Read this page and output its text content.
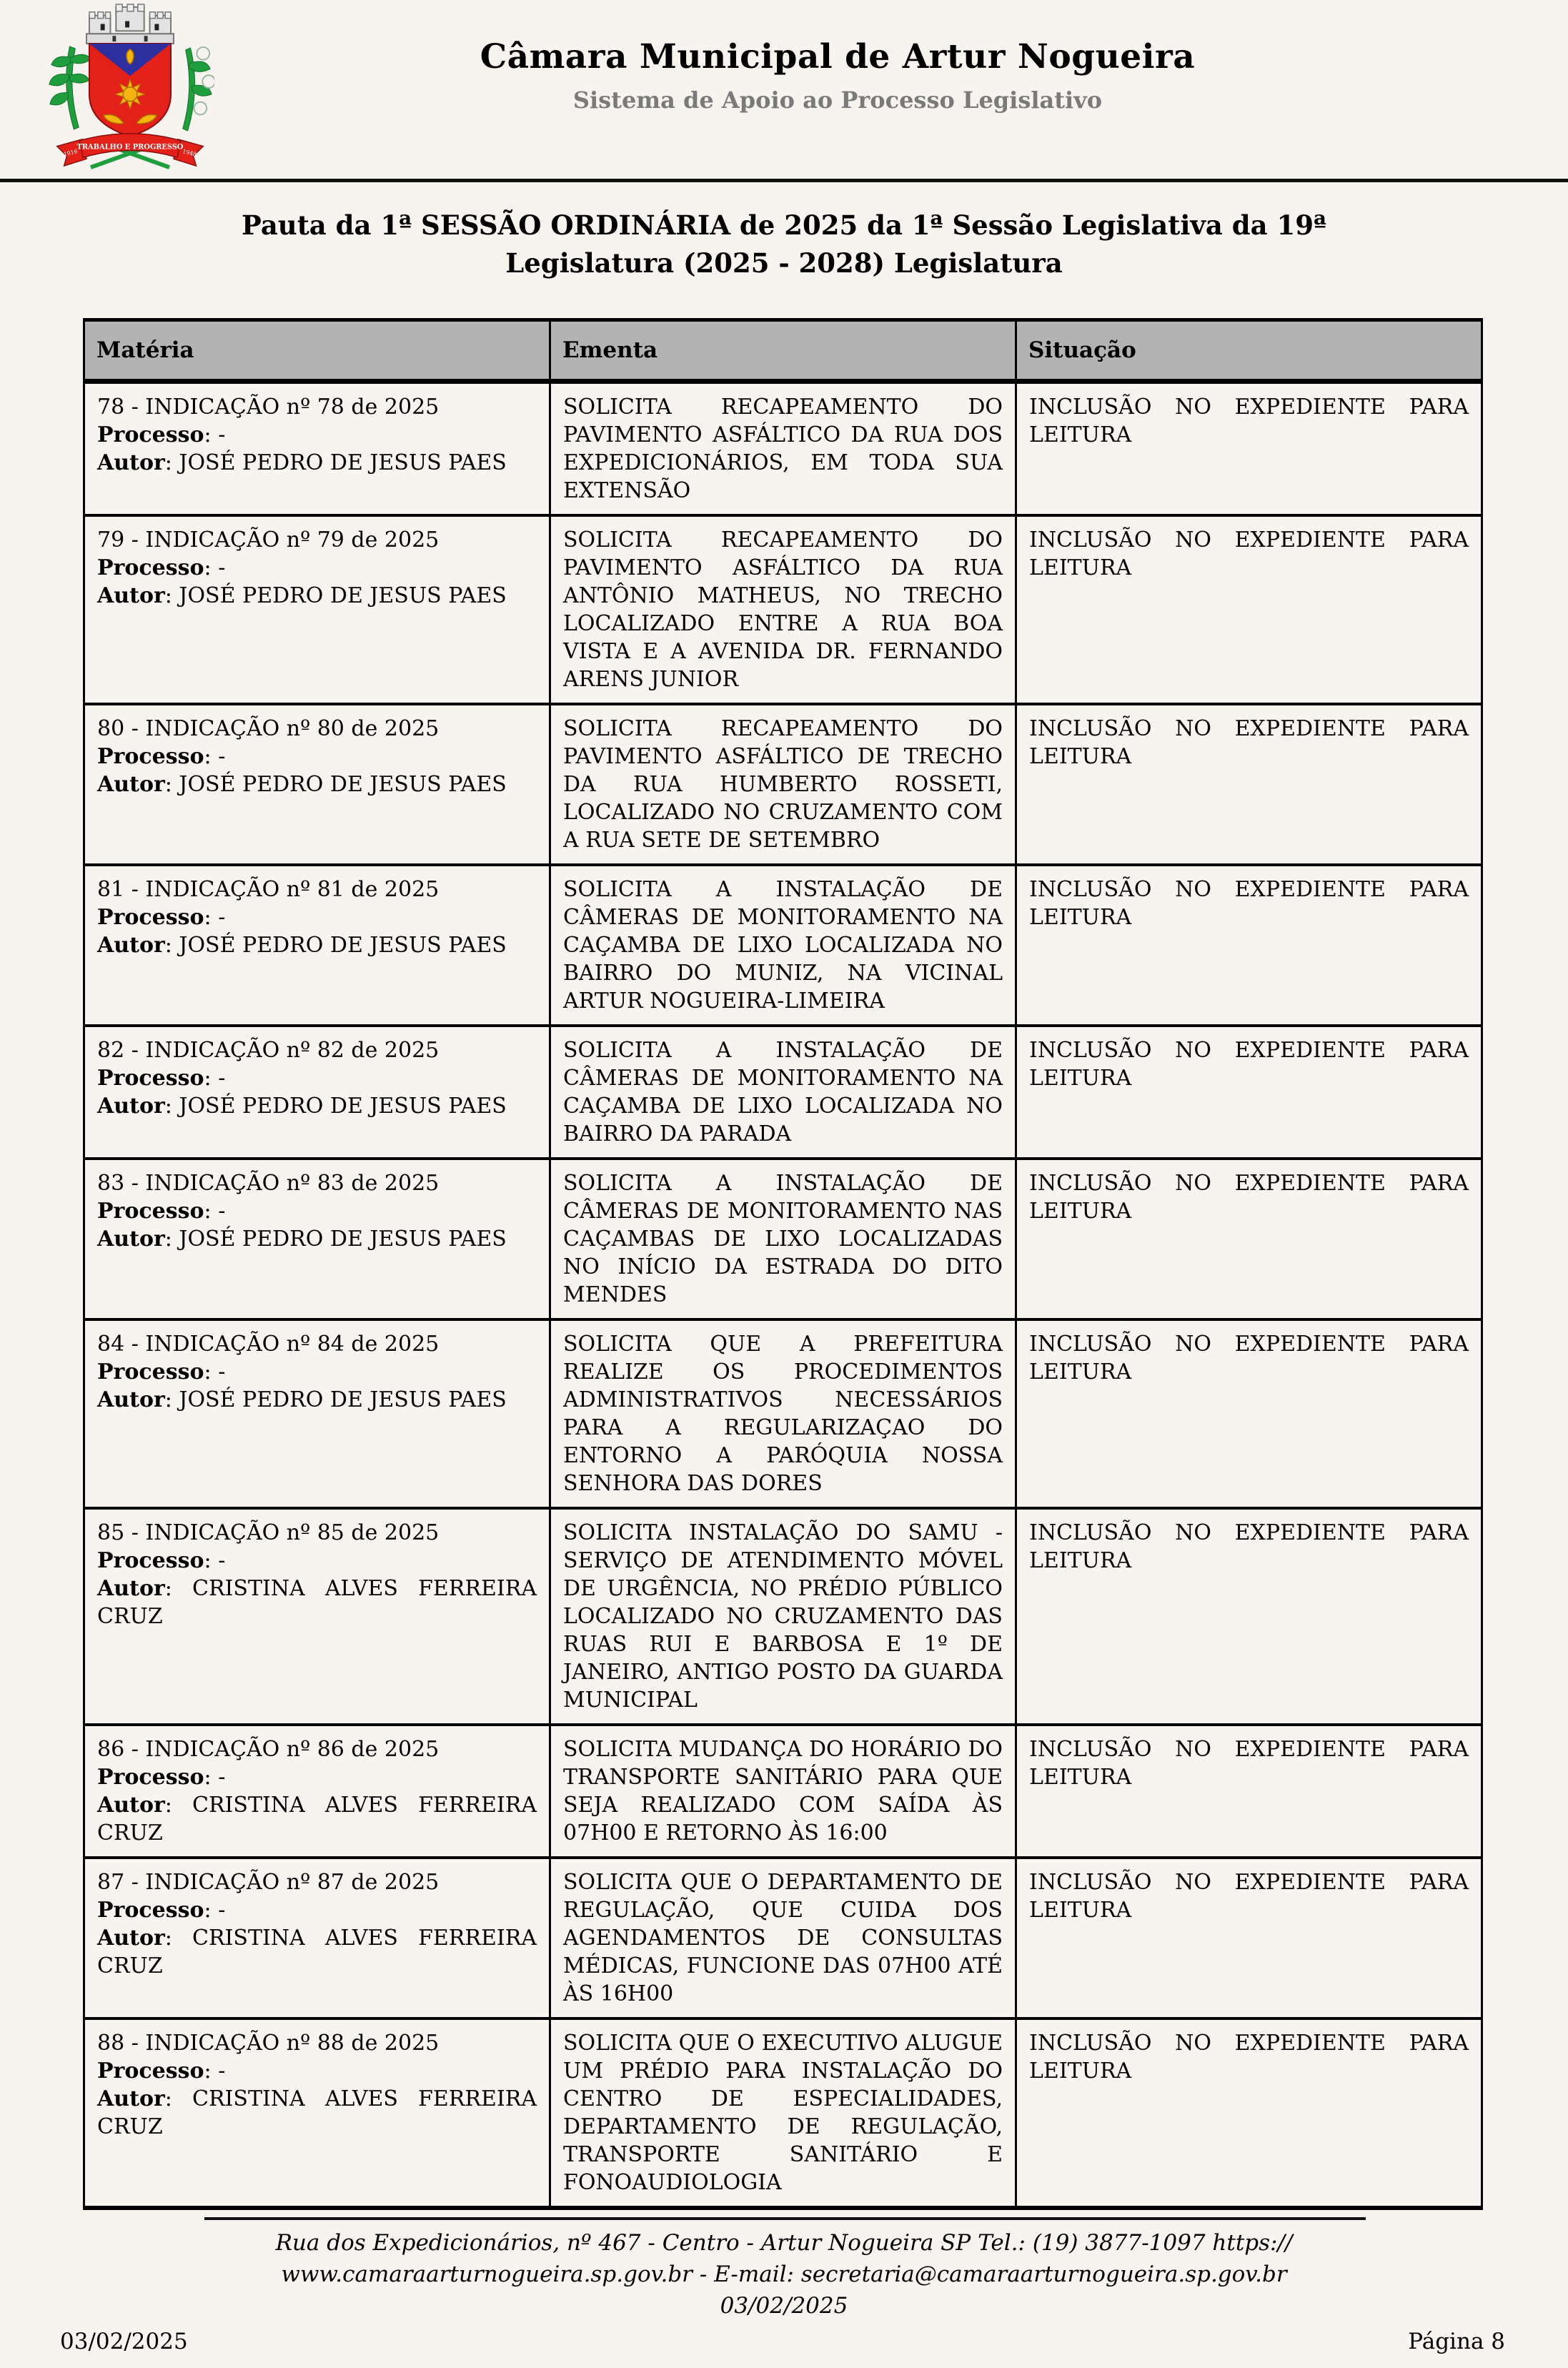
TRABALHO E PROGRESSO
1916	1948
Câmara Municipal de Artur Nogueira
Sistema de Apoio ao Processo Legislativo
Pauta da 1ª SESSÃO ORDINÁRIA de 2025 da 1ª Sessão Legislativa da 19ª Legislatura (2025 - 2028) Legislatura
Matéria	Ementa	Situação

78 - INDICAÇÃO nº 78 de 2025
Processo: -
Autor: JOSÉ PEDRO DE JESUS PAES	SOLICITA RECAPEAMENTO DO PAVIMENTO ASFÁLTICO DA RUA DOS EXPEDICIONÁRIOS, EM TODA SUA EXTENSÃO	INCLUSÃO NO EXPEDIENTE PARA LEITURA

79 - INDICAÇÃO nº 79 de 2025
Processo: -
Autor: JOSÉ PEDRO DE JESUS PAES	SOLICITA RECAPEAMENTO DO PAVIMENTO ASFÁLTICO DA RUA ANTÔNIO MATHEUS, NO TRECHO LOCALIZADO ENTRE A RUA BOA VISTA E A AVENIDA DR. FERNANDO ARENS JUNIOR	INCLUSÃO NO EXPEDIENTE PARA LEITURA

80 - INDICAÇÃO nº 80 de 2025
Processo: -
Autor: JOSÉ PEDRO DE JESUS PAES	SOLICITA RECAPEAMENTO DO PAVIMENTO ASFÁLTICO DE TRECHO DA RUA HUMBERTO ROSSETI, LOCALIZADO NO CRUZAMENTO COM A RUA SETE DE SETEMBRO	INCLUSÃO NO EXPEDIENTE PARA LEITURA

81 - INDICAÇÃO nº 81 de 2025
Processo: -
Autor: JOSÉ PEDRO DE JESUS PAES	SOLICITA A INSTALAÇÃO DE CÂMERAS DE MONITORAMENTO NA CAÇAMBA DE LIXO LOCALIZADA NO BAIRRO DO MUNIZ, NA VICINAL ARTUR NOGUEIRA-LIMEIRA	INCLUSÃO NO EXPEDIENTE PARA LEITURA

82 - INDICAÇÃO nº 82 de 2025
Processo: -
Autor: JOSÉ PEDRO DE JESUS PAES	SOLICITA A INSTALAÇÃO DE CÂMERAS DE MONITORAMENTO NA CAÇAMBA DE LIXO LOCALIZADA NO BAIRRO DA PARADA	INCLUSÃO NO EXPEDIENTE PARA LEITURA

83 - INDICAÇÃO nº 83 de 2025
Processo: -
Autor: JOSÉ PEDRO DE JESUS PAES	SOLICITA A INSTALAÇÃO DE CÂMERAS DE MONITORAMENTO NAS CAÇAMBAS DE LIXO LOCALIZADAS NO INÍCIO DA ESTRADA DO DITO MENDES	INCLUSÃO NO EXPEDIENTE PARA LEITURA

84 - INDICAÇÃO nº 84 de 2025
Processo: -
Autor: JOSÉ PEDRO DE JESUS PAES	SOLICITA QUE A PREFEITURA REALIZE OS PROCEDIMENTOS ADMINISTRATIVOS NECESSÁRIOS PARA A REGULARIZAÇAO DO ENTORNO A PARÓQUIA NOSSA SENHORA DAS DORES	INCLUSÃO NO EXPEDIENTE PARA LEITURA

85 - INDICAÇÃO nº 85 de 2025
Processo: -
Autor: CRISTINA ALVES FERREIRA CRUZ	SOLICITA INSTALAÇÃO DO SAMU - SERVIÇO DE ATENDIMENTO MÓVEL DE URGÊNCIA, NO PRÉDIO PÚBLICO LOCALIZADO NO CRUZAMENTO DAS RUAS RUI E BARBOSA E 1º DE JANEIRO, ANTIGO POSTO DA GUARDA MUNICIPAL	INCLUSÃO NO EXPEDIENTE PARA LEITURA

86 - INDICAÇÃO nº 86 de 2025
Processo: -
Autor: CRISTINA ALVES FERREIRA CRUZ	SOLICITA MUDANÇA DO HORÁRIO DO TRANSPORTE SANITÁRIO PARA QUE SEJA REALIZADO COM SAÍDA ÀS 07H00 E RETORNO ÀS 16:00	INCLUSÃO NO EXPEDIENTE PARA LEITURA

87 - INDICAÇÃO nº 87 de 2025
Processo: -
Autor: CRISTINA ALVES FERREIRA CRUZ	SOLICITA QUE O DEPARTAMENTO DE REGULAÇÃO, QUE CUIDA DOS AGENDAMENTOS DE CONSULTAS MÉDICAS, FUNCIONE DAS 07H00 ATÉ ÀS 16H00	INCLUSÃO NO EXPEDIENTE PARA LEITURA

88 - INDICAÇÃO nº 88 de 2025
Processo: -
Autor: CRISTINA ALVES FERREIRA CRUZ	SOLICITA QUE O EXECUTIVO ALUGUE UM PRÉDIO PARA INSTALAÇÃO DO CENTRO DE ESPECIALIDADES, DEPARTAMENTO DE REGULAÇÃO, TRANSPORTE SANITÁRIO E FONOAUDIOLOGIA	INCLUSÃO NO EXPEDIENTE PARA LEITURA
Rua dos Expedicionários, nº 467 - Centro - Artur Nogueira SP Tel.: (19) 3877-1097 https://
www.camaraarturnogueira.sp.gov.br - E-mail: secretaria@camaraarturnogueira.sp.gov.br
03/02/2025
03/02/2025	Página 8
